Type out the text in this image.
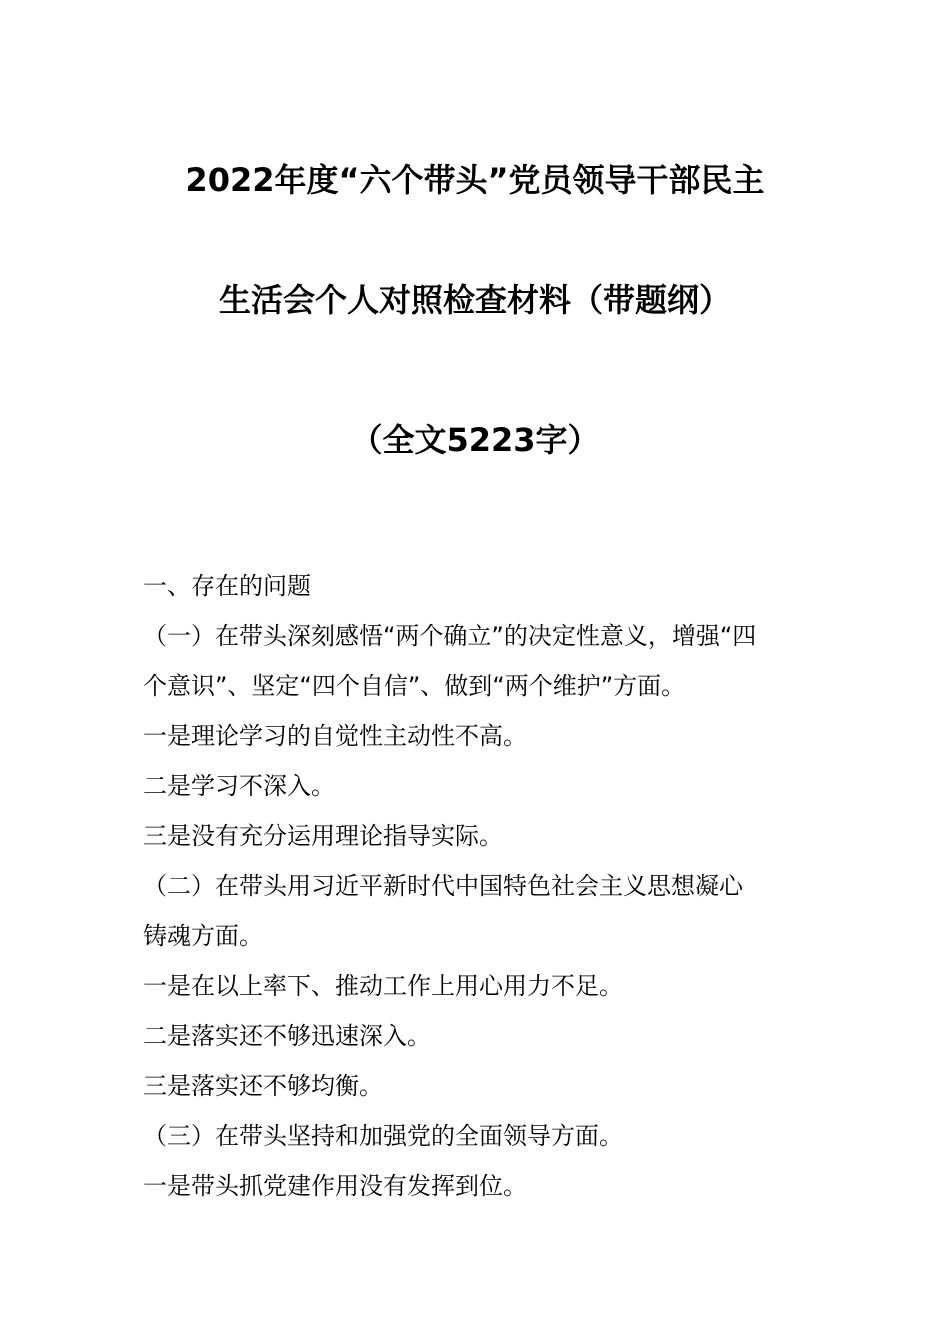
2022年度“六个带头”党员领导干部民主
生活会个人对照检查材料（带题纲）
（全文5223字）
一、存在的问题
（一）在带头深刻感悟“两个确立”的决定性意义，增强“四
个意识”、坚定“四个自信”、做到“两个维护”方面。
一是理论学习的自觉性主动性不高。
二是学习不深入。
三是没有充分运用理论指导实际。
（二）在带头用习近平新时代中国特色社会主义思想凝心
铸魂方面。
一是在以上率下、推动工作上用心用力不足。
二是落实还不够迅速深入。
三是落实还不够均衡。
（三）在带头坚持和加强党的全面领导方面。
一是带头抓党建作用没有发挥到位。
